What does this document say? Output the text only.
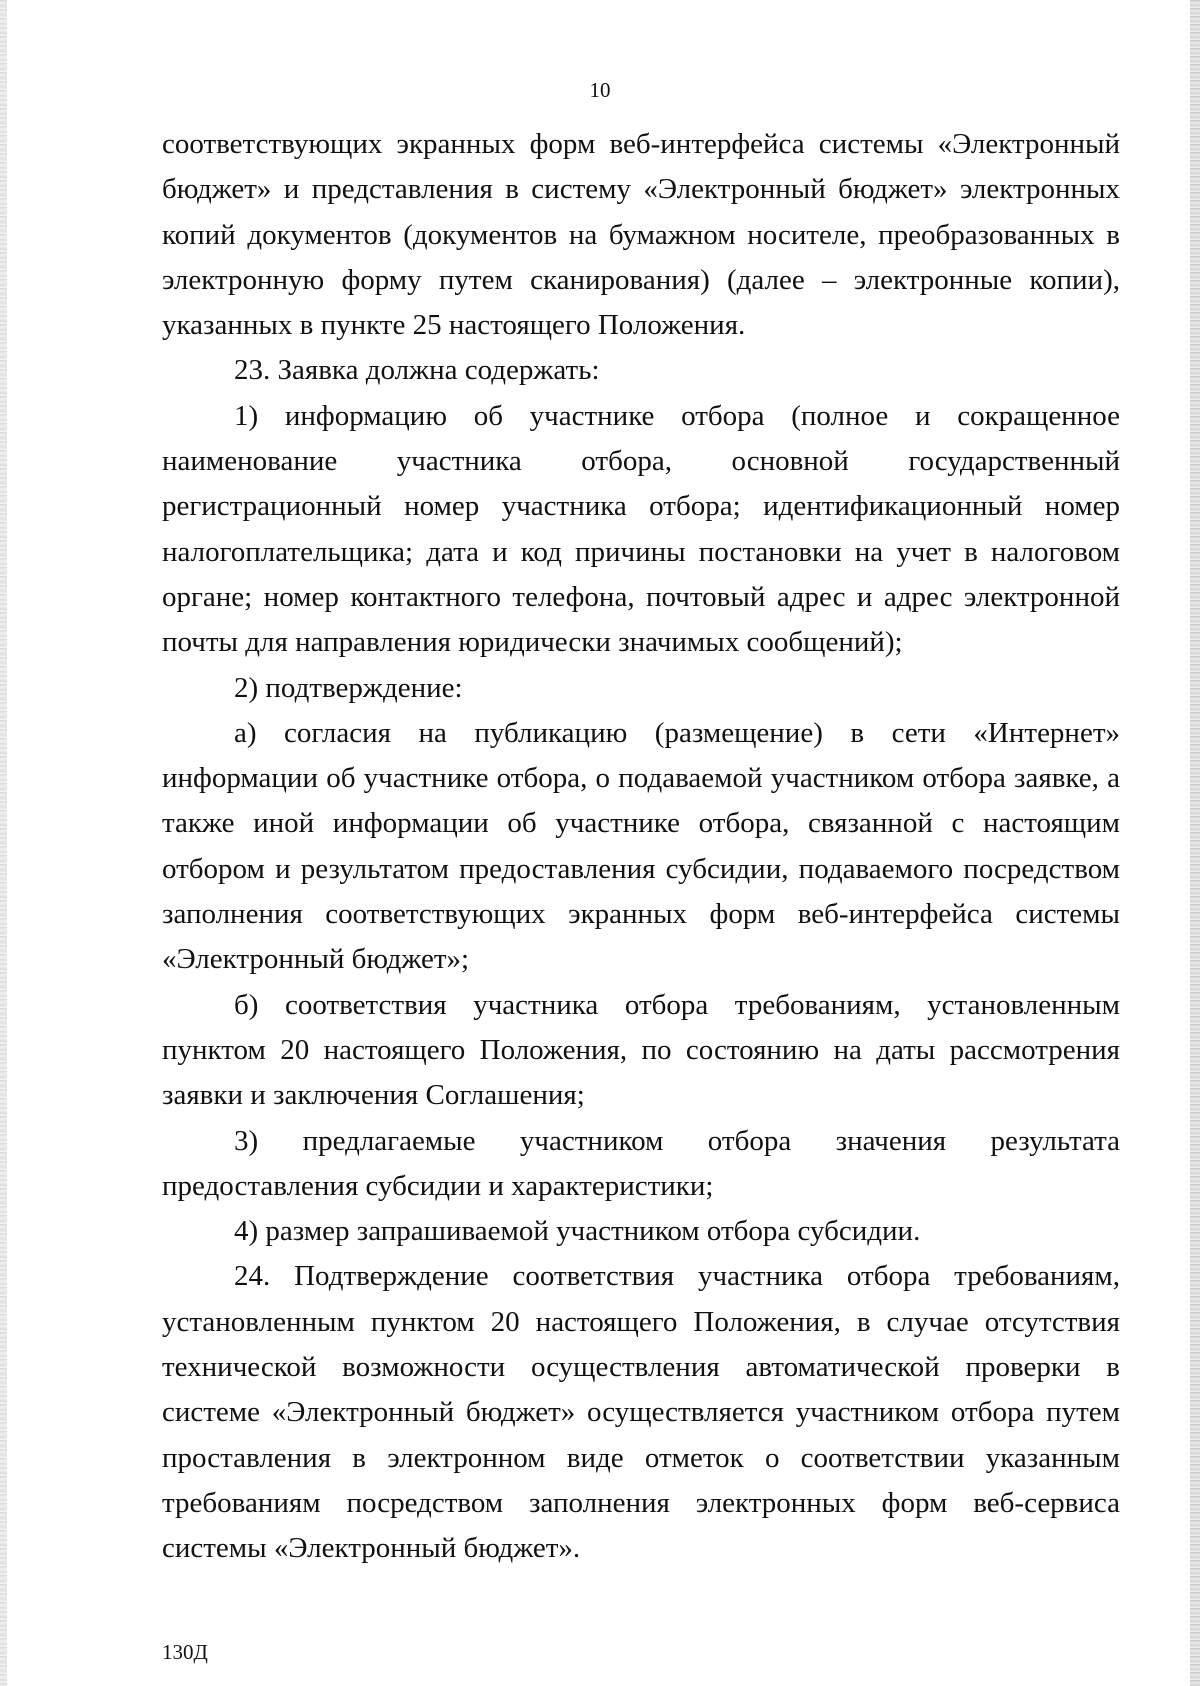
10

соответствующих экранных форм веб-интерфейса системы «Электронный бюджет» и представления в систему «Электронный бюджет» электронных копий документов (документов на бумажном носителе, преобразованных в электронную форму путем сканирования) (далее – электронные копии), указанных в пункте 25 настоящего Положения.

23. Заявка должна содержать:

1) информацию об участнике отбора (полное и сокращенное наименование участника отбора, основной государственный регистрационный номер участника отбора; идентификационный номер налогоплательщика; дата и код причины постановки на учет в налоговом органе; номер контактного телефона, почтовый адрес и адрес электронной почты для направления юридически значимых сообщений);

2) подтверждение:

а) согласия на публикацию (размещение) в сети «Интернет» информации об участнике отбора, о подаваемой участником отбора заявке, а также иной информации об участнике отбора, связанной с настоящим отбором и результатом предоставления субсидии, подаваемого посредством заполнения соответствующих экранных форм веб-интерфейса системы «Электронный бюджет»;

б) соответствия участника отбора требованиям, установленным пунктом 20 настоящего Положения, по состоянию на даты рассмотрения заявки и заключения Соглашения;

3) предлагаемые участником отбора значения результата предоставления субсидии и характеристики;

4) размер запрашиваемой участником отбора субсидии.

24. Подтверждение соответствия участника отбора требованиям, установленным пунктом 20 настоящего Положения, в случае отсутствия технической возможности осуществления автоматической проверки в системе «Электронный бюджет» осуществляется участником отбора путем проставления в электронном виде отметок о соответствии указанным требованиям посредством заполнения электронных форм веб-сервиса системы «Электронный бюджет».

130Д
